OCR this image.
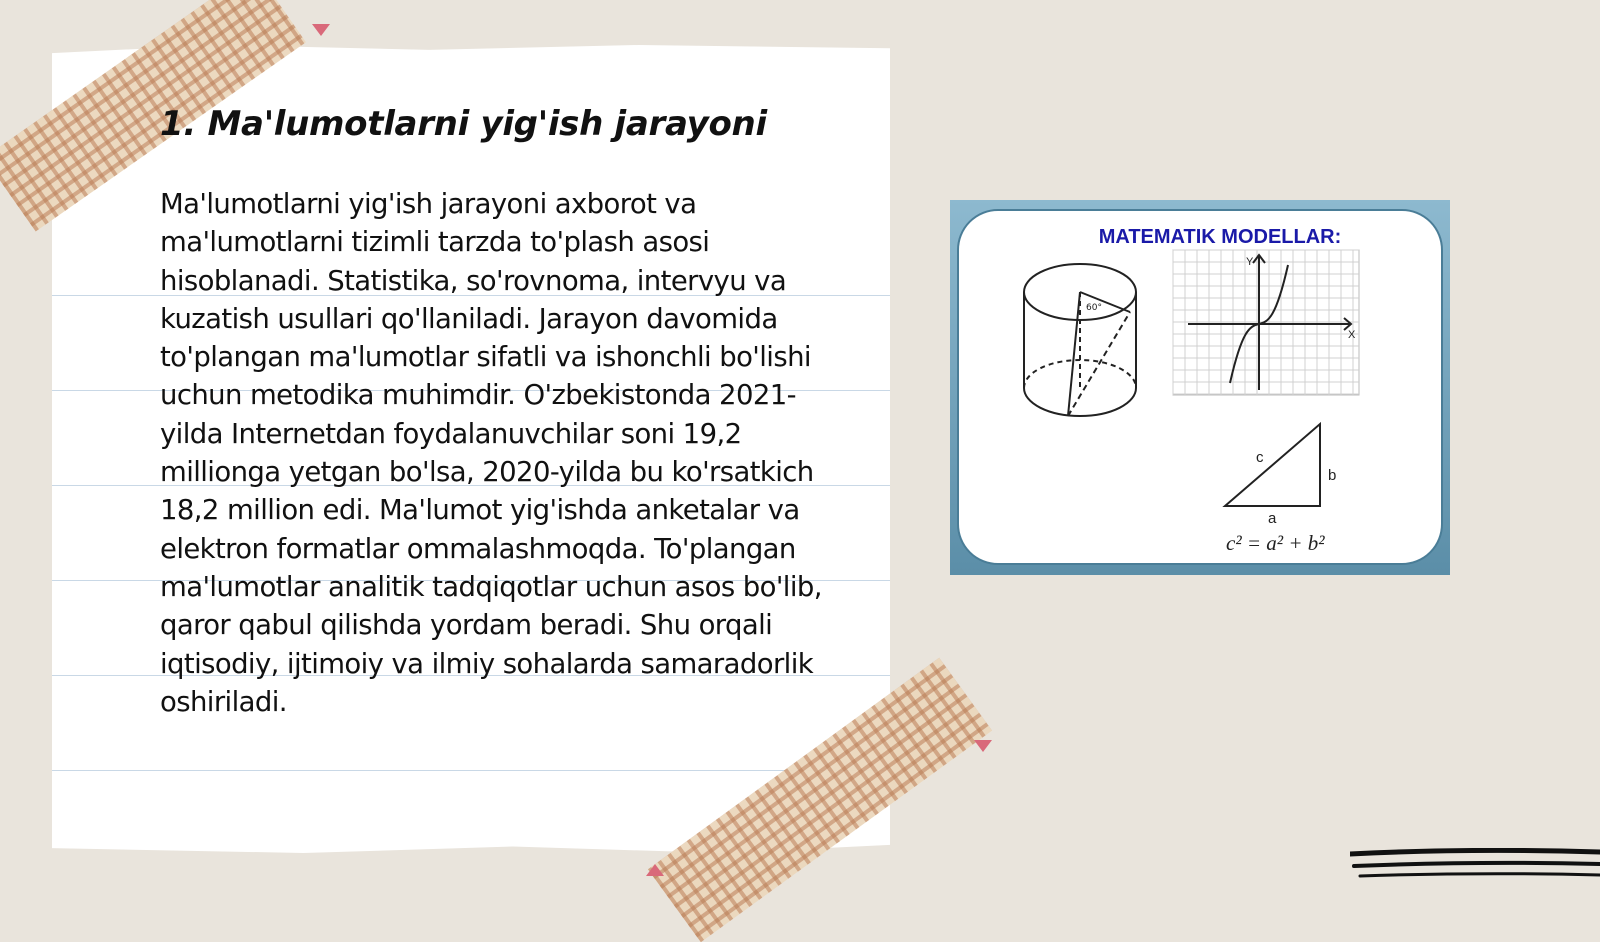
1. Ma'lumotlarni yig'ish jarayoni

Ma'lumotlarni yig'ish jarayoni axborot va ma'lumotlarni tizimli tarzda to'plash asosi hisoblanadi. Statistika, so'rovnoma, intervyu va kuzatish usullari qo'llaniladi. Jarayon davomida to'plangan ma'lumotlar sifatli va ishonchli bo'lishi uchun metodika muhimdir. O'zbekistonda 2021-yilda Internetdan foydalanuvchilar soni 19,2 millionga yetgan bo'lsa, 2020-yilda bu ko'rsatkich 18,2 million edi. Ma'lumot yig'ishda anketalar va elektron formatlar ommalashmoqda. To'plangan ma'lumotlar analitik tadqiqotlar uchun asos bo'lib, qaror qabul qilishda yordam beradi. Shu orqali iqtisodiy, ijtimoiy va ilmiy sohalarda samaradorlik oshiriladi.

MATEMATIK MODELLAR:
60°
Y
X
a
b
c
c² = a² + b²
